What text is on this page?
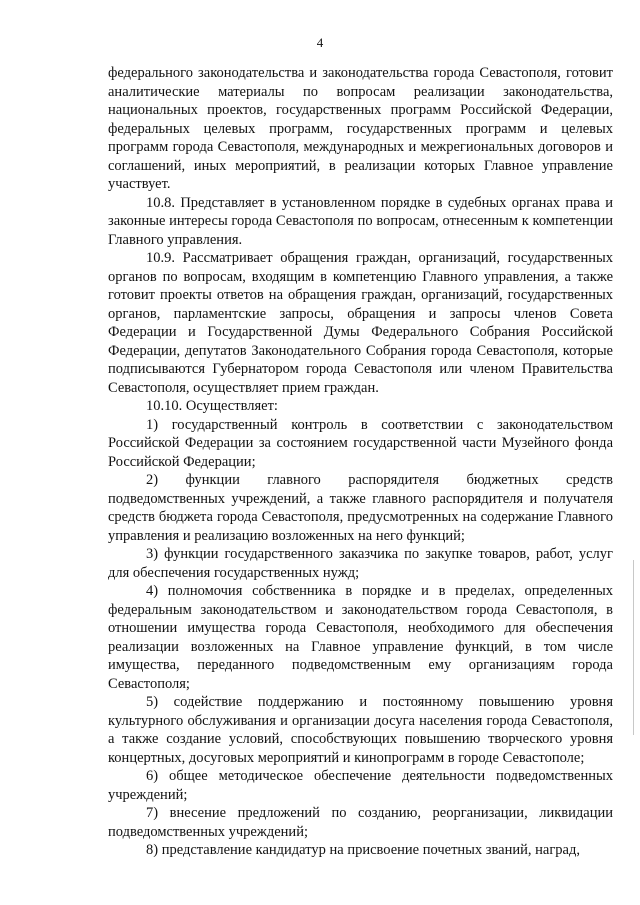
4

федерального законодательства и законодательства города Севастополя, готовит аналитические материалы по вопросам реализации законодательства, национальных проектов, государственных программ Российской Федерации, федеральных целевых программ, государственных программ и целевых программ города Севастополя, международных и межрегиональных договоров и соглашений, иных мероприятий, в реализации которых Главное управление участвует.

10.8. Представляет в установленном порядке в судебных органах права и законные интересы города Севастополя по вопросам, отнесенным к компетенции Главного управления.

10.9. Рассматривает обращения граждан, организаций, государственных органов по вопросам, входящим в компетенцию Главного управления, а также готовит проекты ответов на обращения граждан, организаций, государственных органов, парламентские запросы, обращения и запросы членов Совета Федерации и Государственной Думы Федерального Собрания Российской Федерации, депутатов Законодательного Собрания города Севастополя, которые подписываются Губернатором города Севастополя или членом Правительства Севастополя, осуществляет прием граждан.

10.10. Осуществляет:

1) государственный контроль в соответствии с законодательством Российской Федерации за состоянием государственной части Музейного фонда Российской Федерации;

2) функции главного распорядителя бюджетных средств подведомственных учреждений, а также главного распорядителя и получателя средств бюджета города Севастополя, предусмотренных на содержание Главного управления и реализацию возложенных на него функций;

3) функции государственного заказчика по закупке товаров, работ, услуг для обеспечения государственных нужд;

4) полномочия собственника в порядке и в пределах, определенных федеральным законодательством и законодательством города Севастополя, в отношении имущества города Севастополя, необходимого для обеспечения реализации возложенных на Главное управление функций, в том числе имущества, переданного подведомственным ему организациям города Севастополя;

5) содействие поддержанию и постоянному повышению уровня культурного обслуживания и организации досуга населения города Севастополя, а также создание условий, способствующих повышению творческого уровня концертных, досуговых мероприятий и кинопрограмм в городе Севастополе;

6) общее методическое обеспечение деятельности подведомственных учреждений;

7) внесение предложений по созданию, реорганизации, ликвидации подведомственных учреждений;

8) представление кандидатур на присвоение почетных званий, наград,
